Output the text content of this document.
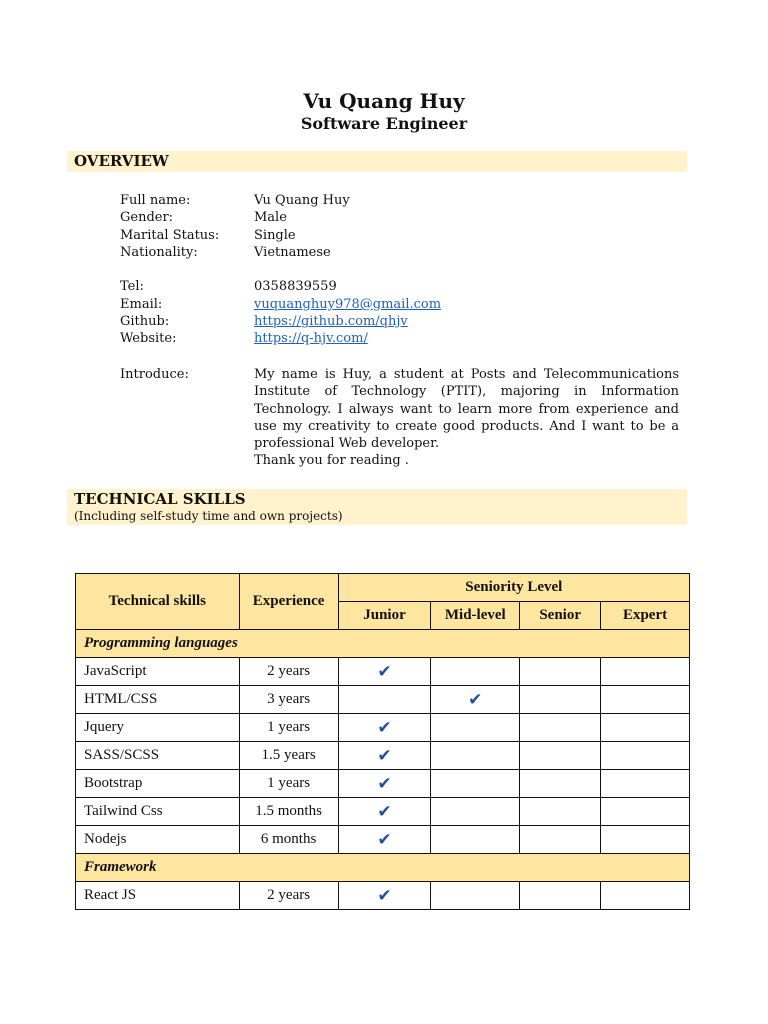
Vu Quang Huy
Software Engineer
OVERVIEW
Full name:	Vu Quang Huy
Gender:	Male
Marital Status:	Single
Nationality:	Vietnamese
Tel:	0358839559
Email:	vuquanghuy978@gmail.com
Github:	https://github.com/qhjv
Website:	https://q-hjv.com/
Introduce:	My name is Huy, a student at Posts and Telecommunications Institute of Technology (PTIT), majoring in Information Technology. I always want to learn more from experience and use my creativity to create good products. And I want to be a professional Web developer.
Thank you for reading .
TECHNICAL SKILLS
(Including self-study time and own projects)
Technical skills	Experience	Seniority Level			
		Junior	Mid-level	Senior	Expert
Programming languages					
JavaScript	2 years	✔			
HTML/CSS	3 years		✔		
Jquery	1 years	✔			
SASS/SCSS	1.5 years	✔			
Bootstrap	1 years	✔			
Tailwind Css	1.5 months	✔			
Nodejs	6 months	✔			
Framework					
React JS	2 years	✔			
